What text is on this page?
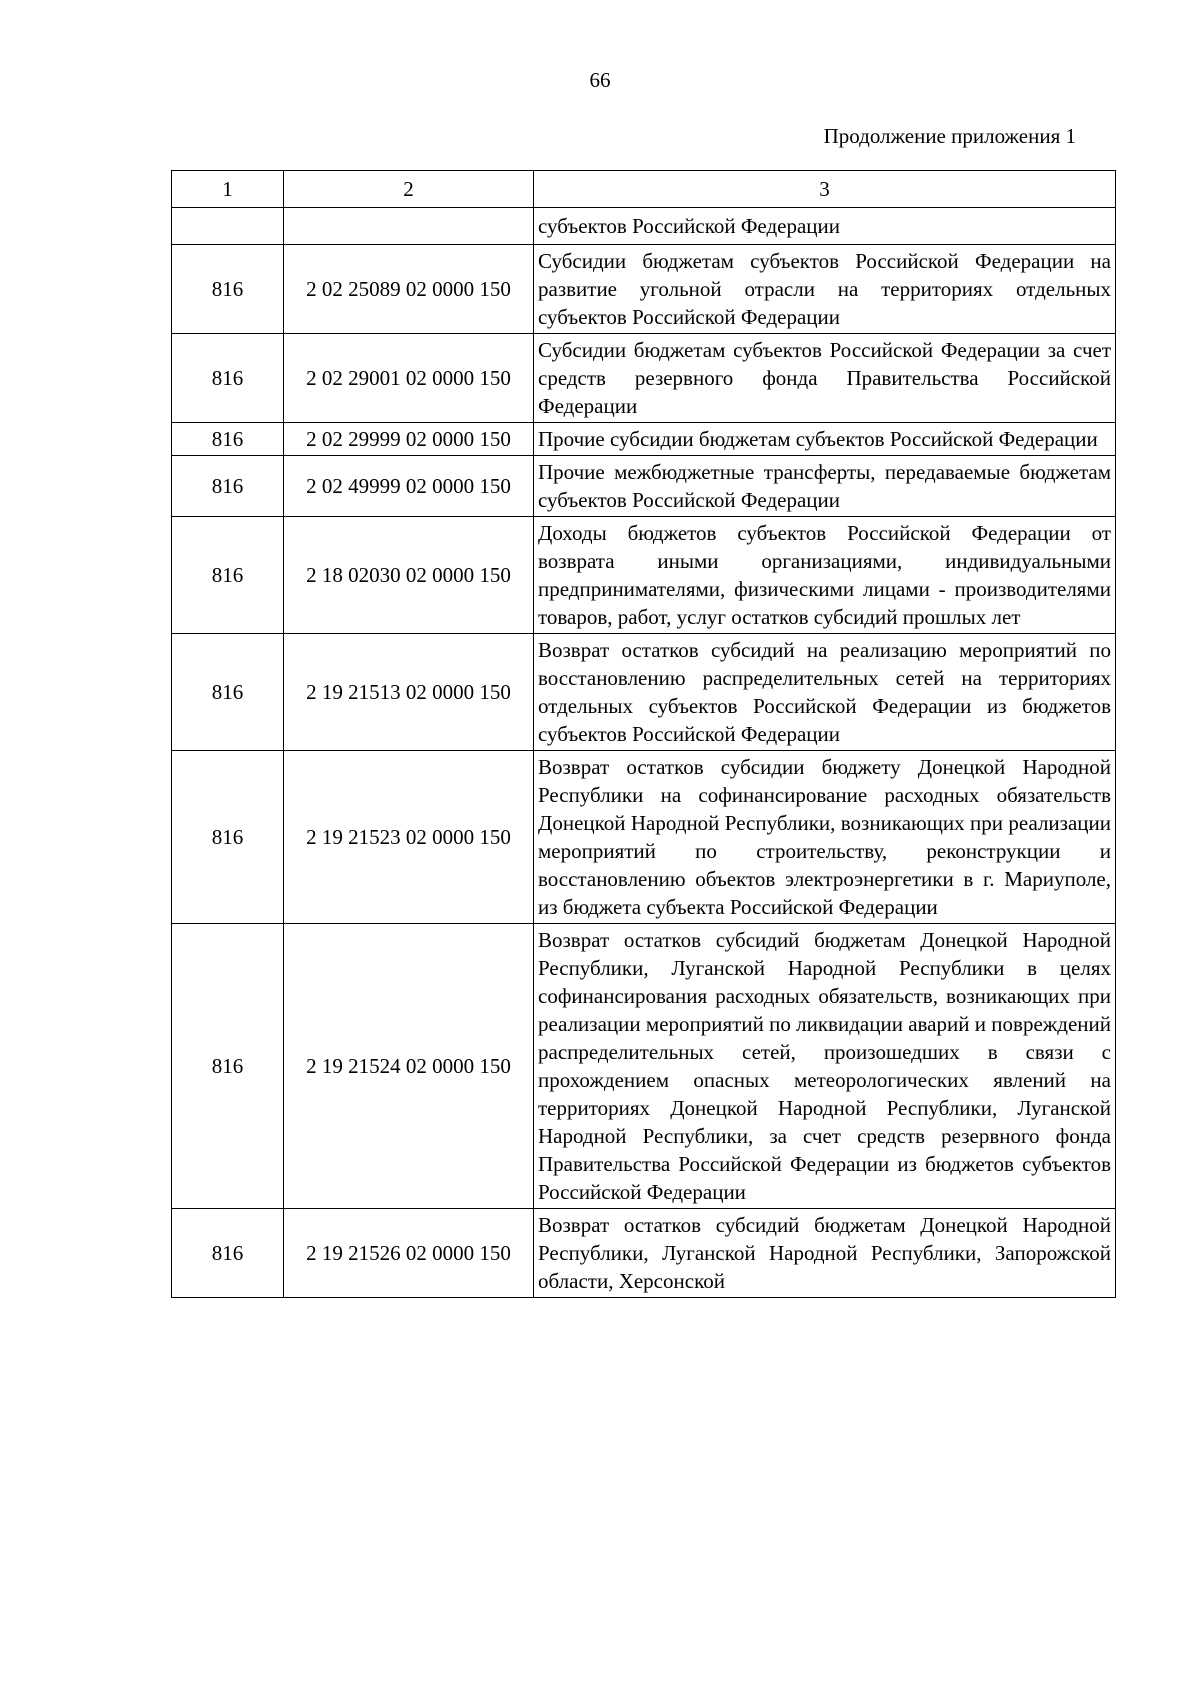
66
Продолжение приложения 1
1	2	3
		субъектов Российской Федерации
816	2 02 25089 02 0000 150	Субсидии бюджетам субъектов Российской Федерации на развитие угольной отрасли на территориях отдельных субъектов Российской Федерации
816	2 02 29001 02 0000 150	Субсидии бюджетам субъектов Российской Федерации за счет средств резервного фонда Правительства Российской Федерации
816	2 02 29999 02 0000 150	Прочие субсидии бюджетам субъектов Российской Федерации
816	2 02 49999 02 0000 150	Прочие межбюджетные трансферты, передаваемые бюджетам субъектов Российской Федерации
816	2 18 02030 02 0000 150	Доходы бюджетов субъектов Российской Федерации от возврата иными организациями, индивидуальными предпринимателями, физическими лицами - производителями товаров, работ, услуг остатков субсидий прошлых лет
816	2 19 21513 02 0000 150	Возврат остатков субсидий на реализацию мероприятий по восстановлению распределительных сетей на территориях отдельных субъектов Российской Федерации из бюджетов субъектов Российской Федерации
816	2 19 21523 02 0000 150	Возврат остатков субсидии бюджету Донецкой Народной Республики на софинансирование расходных обязательств Донецкой Народной Республики, возникающих при реализации мероприятий по строительству, реконструкции и восстановлению объектов электроэнергетики в г. Мариуполе, из бюджета субъекта Российской Федерации
816	2 19 21524 02 0000 150	Возврат остатков субсидий бюджетам Донецкой Народной Республики, Луганской Народной Республики в целях софинансирования расходных обязательств, возникающих при реализации мероприятий по ликвидации аварий и повреждений распределительных сетей, произошедших в связи с прохождением опасных метеорологических явлений на территориях Донецкой Народной Республики, Луганской Народной Республики, за счет средств резервного фонда Правительства Российской Федерации из бюджетов субъектов Российской Федерации
816	2 19 21526 02 0000 150	Возврат остатков субсидий бюджетам Донецкой Народной Республики, Луганской Народной Республики, Запорожской области, Херсонской
